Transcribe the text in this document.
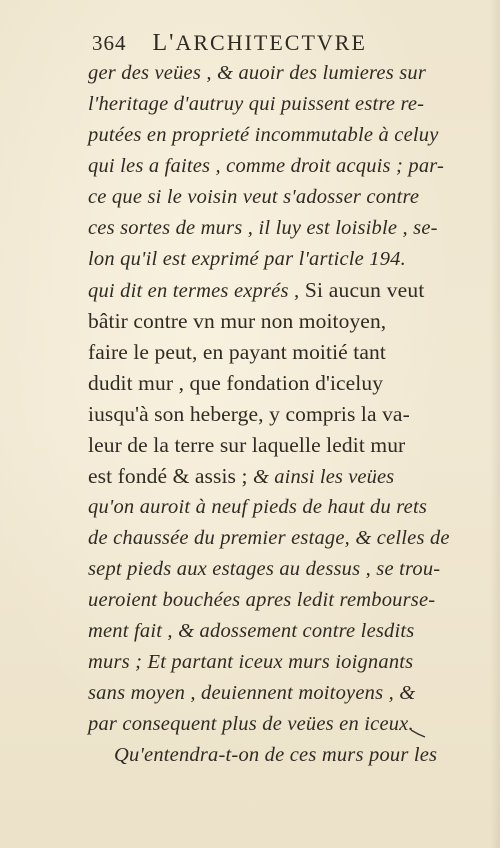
364 L'ARCHITECTVRE
ger des veües , & auoir des lumieres sur
l'heritage d'autruy qui puissent estre re-
putées en proprieté incommutable à celuy
qui les a faites , comme droit acquis ; par-
ce que si le voisin veut s'adosser contre
ces sortes de murs , il luy est loisible , se-
lon qu'il est exprimé par l'article 194.
qui dit en termes exprés , Si aucun veut
bâtir contre vn mur non moitoyen,
faire le peut, en payant moitié tant
dudit mur , que fondation d'iceluy
iusqu'à son heberge, y compris la va-
leur de la terre sur laquelle ledit mur
est fondé & assis ; & ainsi les veües
qu'on auroit à neuf pieds de haut du rets
de chaussée du premier estage, & celles de
sept pieds aux estages au dessus , se trou-
ueroient bouchées apres ledit rembourse-
ment fait , & adossement contre lesdits
murs ; Et partant iceux murs ioignants
sans moyen , deuiennent moitoyens , &
par consequent plus de veües en iceux.
Qu'entendra-t-on de ces murs pour les
